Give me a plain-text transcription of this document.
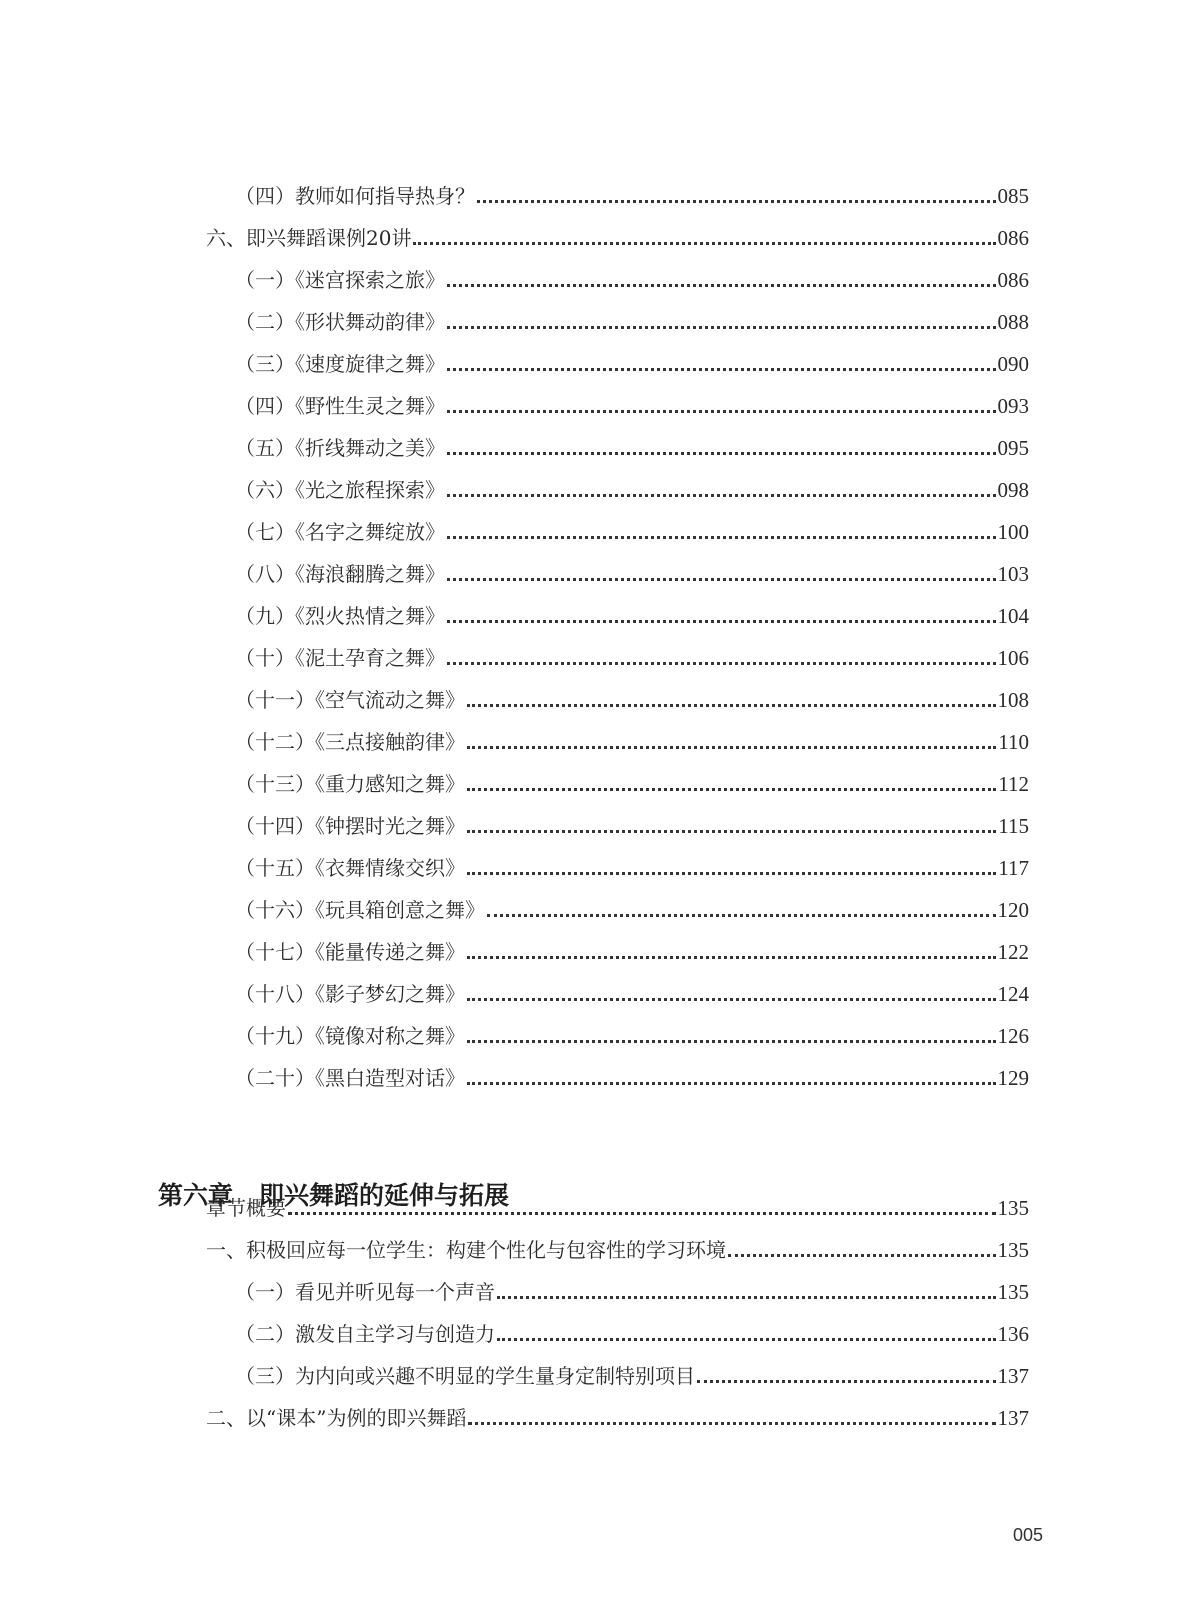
（四）教师如何指导热身？	085
六、即兴舞蹈课例20讲	086
（一）《迷宫探索之旅》	086
（二）《形状舞动韵律》	088
（三）《速度旋律之舞》	090
（四）《野性生灵之舞》	093
（五）《折线舞动之美》	095
（六）《光之旅程探索》	098
（七）《名字之舞绽放》	100
（八）《海浪翻腾之舞》	103
（九）《烈火热情之舞》	104
（十）《泥土孕育之舞》	106
（十一）《空气流动之舞》	108
（十二）《三点接触韵律》	110
（十三）《重力感知之舞》	112
（十四）《钟摆时光之舞》	115
（十五）《衣舞情缘交织》	117
（十六）《玩具箱创意之舞》	120
（十七）《能量传递之舞》	122
（十八）《影子梦幻之舞》	124
（十九）《镜像对称之舞》	126
（二十）《黑白造型对话》	129
第六章 即兴舞蹈的延伸与拓展
章节概要	135
一、积极回应每一位学生：构建个性化与包容性的学习环境	135
（一）看见并听见每一个声音	135
（二）激发自主学习与创造力	136
（三）为内向或兴趣不明显的学生量身定制特别项目	137
二、以“课本”为例的即兴舞蹈	137
005
